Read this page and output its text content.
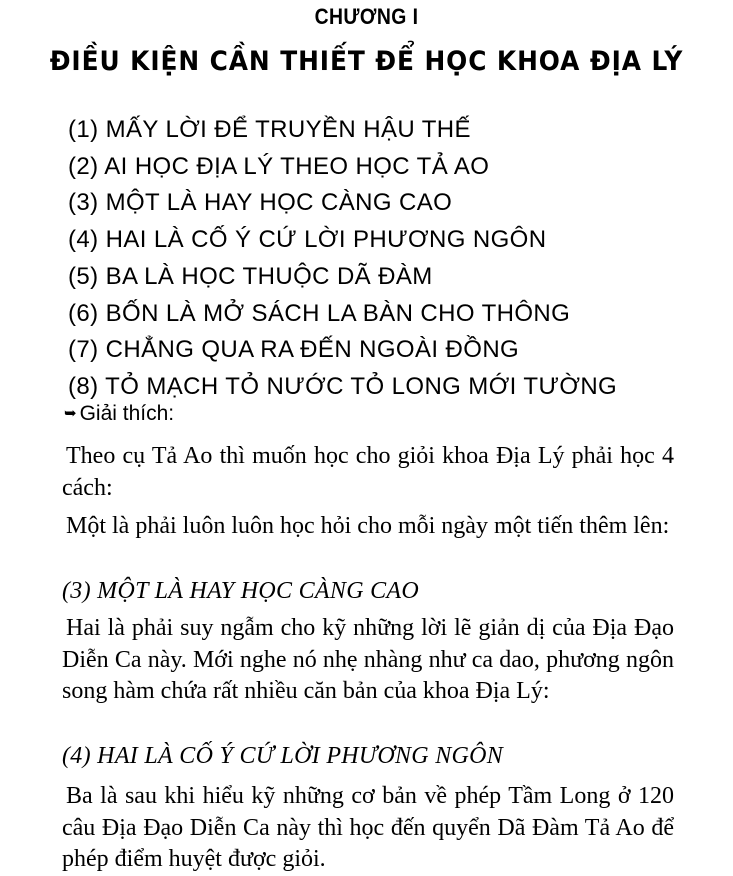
CHƯƠNG I
ĐIỀU KIỆN CẦN THIẾT ĐỂ HỌC KHOA ĐỊA LÝ
(1) MẤY LỜI ĐỂ TRUYỀN HẬU THẾ
(2) AI HỌC ĐỊA LÝ THEO HỌC TẢ AO
(3) MỘT LÀ HAY HỌC CÀNG CAO
(4) HAI LÀ CỐ Ý CỨ LỜI PHƯƠNG NGÔN
(5) BA LÀ HỌC THUỘC DÃ ĐÀM
(6) BỐN LÀ MỞ SÁCH LA BÀN CHO THÔNG
(7) CHẲNG QUA RA ĐẾN NGOÀI ĐỒNG
(8) TỎ MẠCH TỎ NƯỚC TỎ LONG MỚI TƯỜNG
➥ Giải thích:
Theo cụ Tả Ao thì muốn học cho giỏi khoa Địa Lý phải học 4 cách:
Một là phải luôn luôn học hỏi cho mỗi ngày một tiến thêm lên:
(3) MỘT LÀ HAY HỌC CÀNG CAO
Hai là phải suy ngẫm cho kỹ những lời lẽ giản dị của Địa Đạo Diễn Ca này. Mới nghe nó nhẹ nhàng như ca dao, phương ngôn song hàm chứa rất nhiều căn bản của khoa Địa Lý:
(4) HAI LÀ CỐ Ý CỨ LỜI PHƯƠNG NGÔN
Ba là sau khi hiểu kỹ những cơ bản về phép Tầm Long ở 120 câu Địa Đạo Diễn Ca này thì học đến quyển Dã Đàm Tả Ao để phép điểm huyệt được giỏi.
